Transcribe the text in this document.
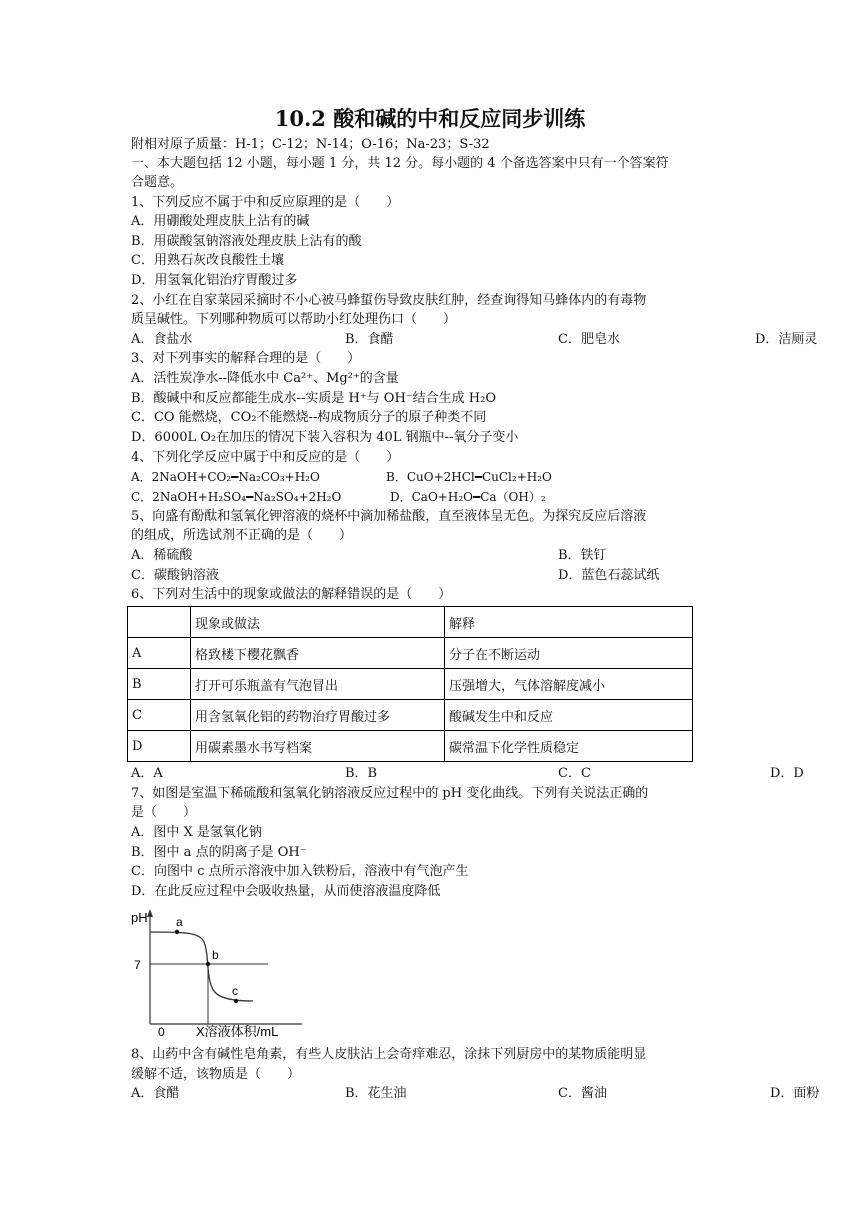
10.2 酸和碱的中和反应同步训练
附相对原子质量：H-1；C-12；N-14；O-16；Na-23；S-32
一、本大题包括 12 小题，每小题 1 分，共 12 分。每小题的 4 个备选答案中只有一个答案符
合题意。
1、下列反应不属于中和反应原理的是（　　）
A．用硼酸处理皮肤上沾有的碱
B．用碳酸氢钠溶液处理皮肤上沾有的酸
C．用熟石灰改良酸性土壤
D．用氢氧化铝治疗胃酸过多
2、小红在自家菜园采摘时不小心被马蜂蜇伤导致皮肤红肿，经查询得知马蜂体内的有毒物
质呈碱性。下列哪种物质可以帮助小红处理伤口（　　）
A．食盐水	B．食醋	C．肥皂水	D．洁厕灵
3、对下列事实的解释合理的是（　　）
A．活性炭净水--降低水中 Ca²⁺、Mg²⁺的含量
B．酸碱中和反应都能生成水--实质是 H⁺与 OH⁻结合生成 H₂O
C．CO 能燃烧，CO₂不能燃烧--构成物质分子的原子种类不同
D．6000L O₂在加压的情况下装入容积为 40L 钢瓶中--氧分子变小
4、下列化学反应中属于中和反应的是（　　）
A．2NaOH+CO₂━Na₂CO₃+H₂O	B．CuO+2HCl━CuCl₂+H₂O
C．2NaOH+H₂SO₄━Na₂SO₄+2H₂O	D．CaO+H₂O━Ca（OH）₂
5、向盛有酚酞和氢氧化钾溶液的烧杯中滴加稀盐酸，直至液体呈无色。为探究反应后溶液
的组成，所选试剂不正确的是（　　）
A．稀硫酸	B．铁钉
C．碳酸钠溶液	D．蓝色石蕊试纸
6、下列对生活中的现象或做法的解释错误的是（　　）
	现象或做法	解释
A	格致楼下樱花飘香	分子在不断运动
B	打开可乐瓶盖有气泡冒出	压强增大，气体溶解度减小
C	用含氢氧化铝的药物治疗胃酸过多	酸碱发生中和反应
D	用碳素墨水书写档案	碳常温下化学性质稳定
A．A	B．B	C．C	D．D
7、如图是室温下稀硫酸和氢氧化钠溶液反应过程中的 pH 变化曲线。下列有关说法正确的
是（　　）
A．图中 X 是氢氧化钠
B．图中 a 点的阴离子是 OH⁻
C．向图中 c 点所示溶液中加入铁粉后，溶液中有气泡产生
D．在此反应过程中会吸收热量，从而使溶液温度降低
pH a
b
c
7
0 X溶液体积/mL
8、山药中含有碱性皂角素，有些人皮肤沾上会奇痒难忍，涂抹下列厨房中的某物质能明显
缓解不适，该物质是（　　）
A．食醋	B．花生油	C．酱油	D．面粉
